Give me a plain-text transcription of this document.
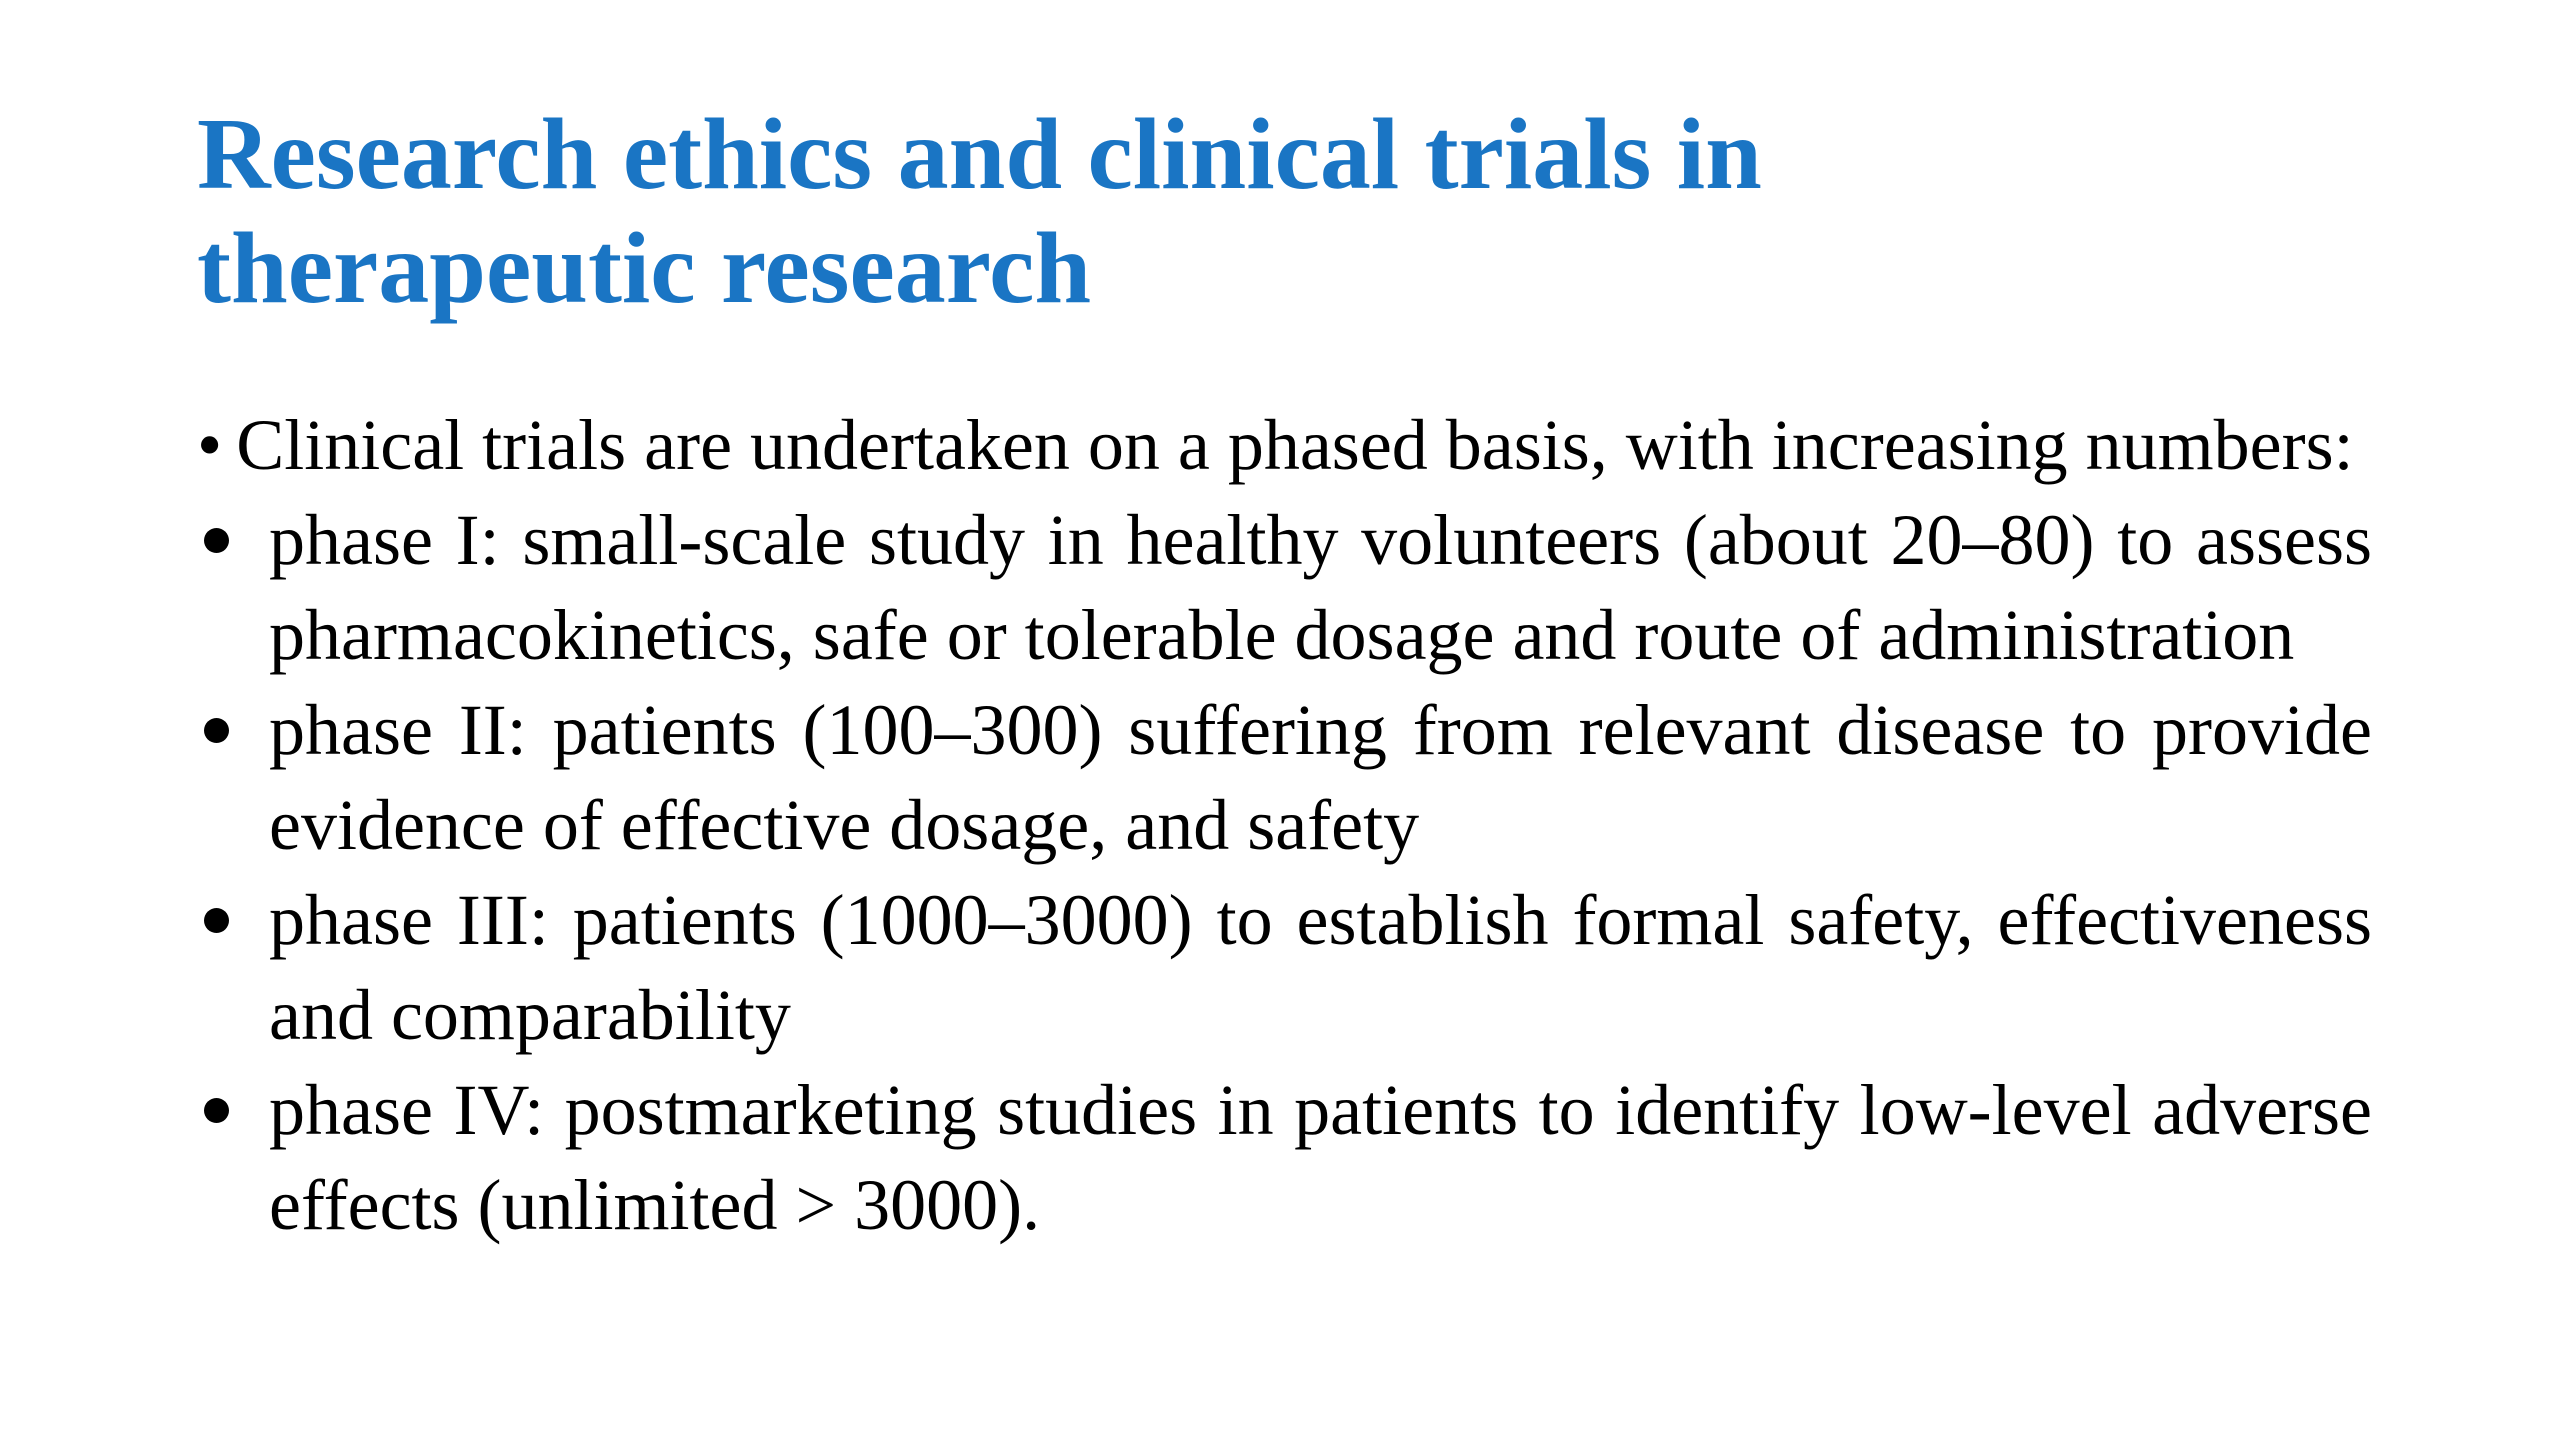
Research ethics and clinical trials in
therapeutic research

• Clinical trials are undertaken on a phased basis, with increasing numbers:

phase I: small-scale study in healthy volunteers (about 20–80) to assess pharmacokinetics, safe or tolerable dosage and route of administration
phase II: patients (100–300) suffering from relevant disease to provide evidence of effective dosage, and safety
phase III: patients (1000–3000) to establish formal safety, effectiveness and comparability
phase IV: postmarketing studies in patients to identify low-level adverse effects (unlimited > 3000).
